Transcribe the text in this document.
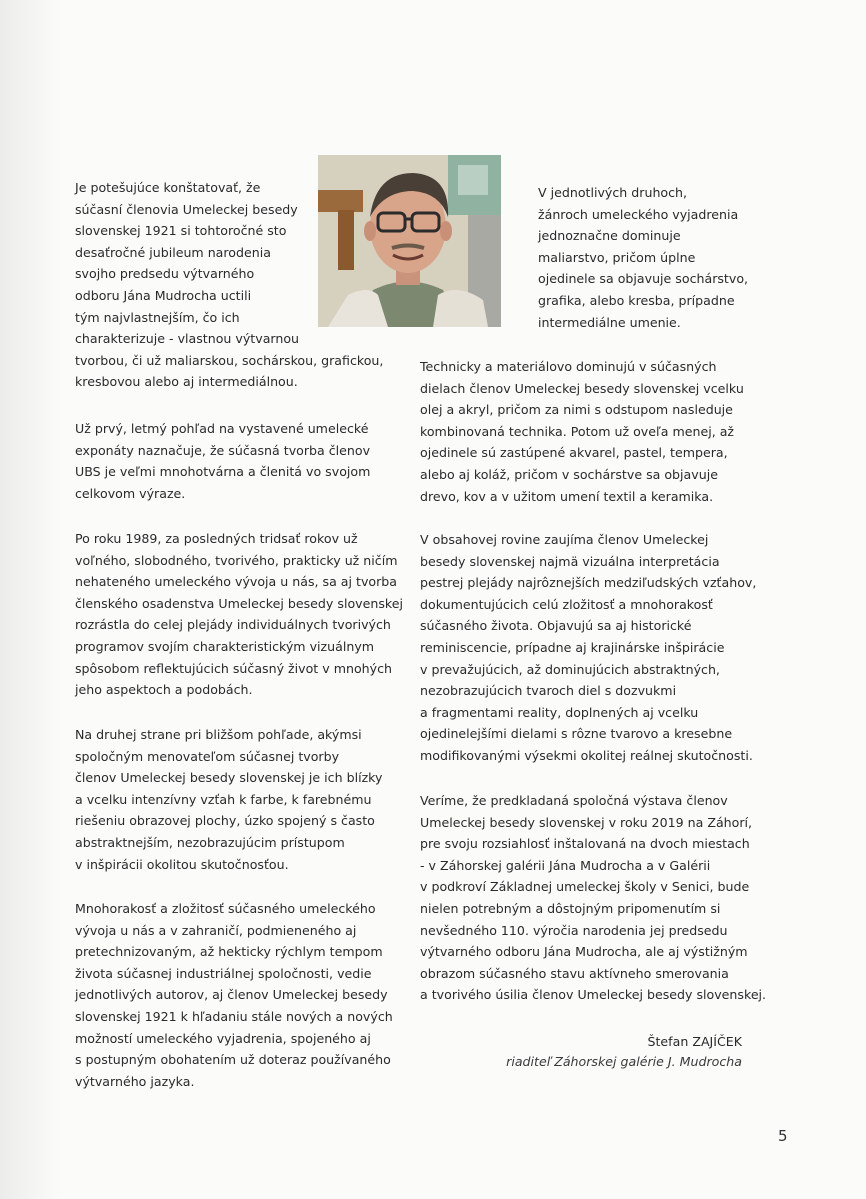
Je potešujúce konštatovať, že
súčasní členovia Umeleckej besedy
slovenskej 1921 si tohtoročné sto
desaťročné jubileum narodenia
svojho predsedu výtvarného
odboru Jána Mudrocha uctili
tým najvlastnejším, čo ich
charakterizuje - vlastnou výtvarnou
tvorbou, či už maliarskou, sochárskou, grafickou,
kresbovou alebo aj intermediálnou.

Už prvý, letmý pohľad na vystavené umelecké
exponáty naznačuje, že súčasná tvorba členov
UBS je veľmi mnohotvárna a členitá vo svojom
celkovom výraze.

Po roku 1989, za posledných tridsať rokov už
voľného, slobodného, tvorivého, prakticky už ničím
nehateného umeleckého vývoja u nás, sa aj tvorba
členského osadenstva Umeleckej besedy slovenskej
rozrástla do celej plejády individuálnych tvorivých
programov svojím charakteristickým vizuálnym
spôsobom reflektujúcich súčasný život v mnohých
jeho aspektoch a podobách.

Na druhej strane pri bližšom pohľade, akýmsi
spoločným menovateľom súčasnej tvorby
členov Umeleckej besedy slovenskej je ich blízky
a vcelku intenzívny vzťah k farbe, k farebnému
riešeniu obrazovej plochy, úzko spojený s často
abstraktnejším, nezobrazujúcim prístupom
v inšpirácii okolitou skutočnosťou.

Mnohorakosť a zložitosť súčasného umeleckého
vývoja u nás a v zahraničí, podmieneného aj
pretechnizovaným, až hekticky rýchlym tempom
života súčasnej industriálnej spoločnosti, vedie
jednotlivých autorov, aj členov Umeleckej besedy
slovenskej 1921 k hľadaniu stále nových a nových
možností umeleckého vyjadrenia, spojeného aj
s postupným obohatením už doteraz používaného
výtvarného jazyka.

V jednotlivých druhoch,
žánroch umeleckého vyjadrenia
jednoznačne dominuje
maliarstvo, pričom úplne
ojedinele sa objavuje sochárstvo,
grafika, alebo kresba, prípadne
intermediálne umenie.

Technicky a materiálovo dominujú v súčasných
dielach členov Umeleckej besedy slovenskej vcelku
olej a akryl, pričom za nimi s odstupom nasleduje
kombinovaná technika. Potom už oveľa menej, až
ojedinele sú zastúpené akvarel, pastel, tempera,
alebo aj koláž, pričom v sochárstve sa objavuje
drevo, kov a v užitom umení textil a keramika.

V obsahovej rovine zaujíma členov Umeleckej
besedy slovenskej najmä vizuálna interpretácia
pestrej plejády najrôznejších medziľudských vzťahov,
dokumentujúcich celú zložitosť a mnohorakosť
súčasného života. Objavujú sa aj historické
reminiscencie, prípadne aj krajinárske inšpirácie
v prevažujúcich, až dominujúcich abstraktných,
nezobrazujúcich tvaroch diel s dozvukmi
a fragmentami reality, doplnených aj vcelku
ojedinelejšími dielami s rôzne tvarovo a kresebne
modifikovanými výsekmi okolitej reálnej skutočnosti.

Veríme, že predkladaná spoločná výstava členov
Umeleckej besedy slovenskej v roku 2019 na Záhorí,
pre svoju rozsiahlosť inštalovaná na dvoch miestach
- v Záhorskej galérii Jána Mudrocha a v Galérii
v podkroví Základnej umeleckej školy v Senici, bude
nielen potrebným a dôstojným pripomenutím si
nevšedného 110. výročia narodenia jej predsedu
výtvarného odboru Jána Mudrocha, ale aj výstižným
obrazom súčasného stavu aktívneho smerovania
a tvorivého úsilia členov Umeleckej besedy slovenskej.

Štefan ZAJÍČEK
riaditeľ Záhorskej galérie J. Mudrocha
5
